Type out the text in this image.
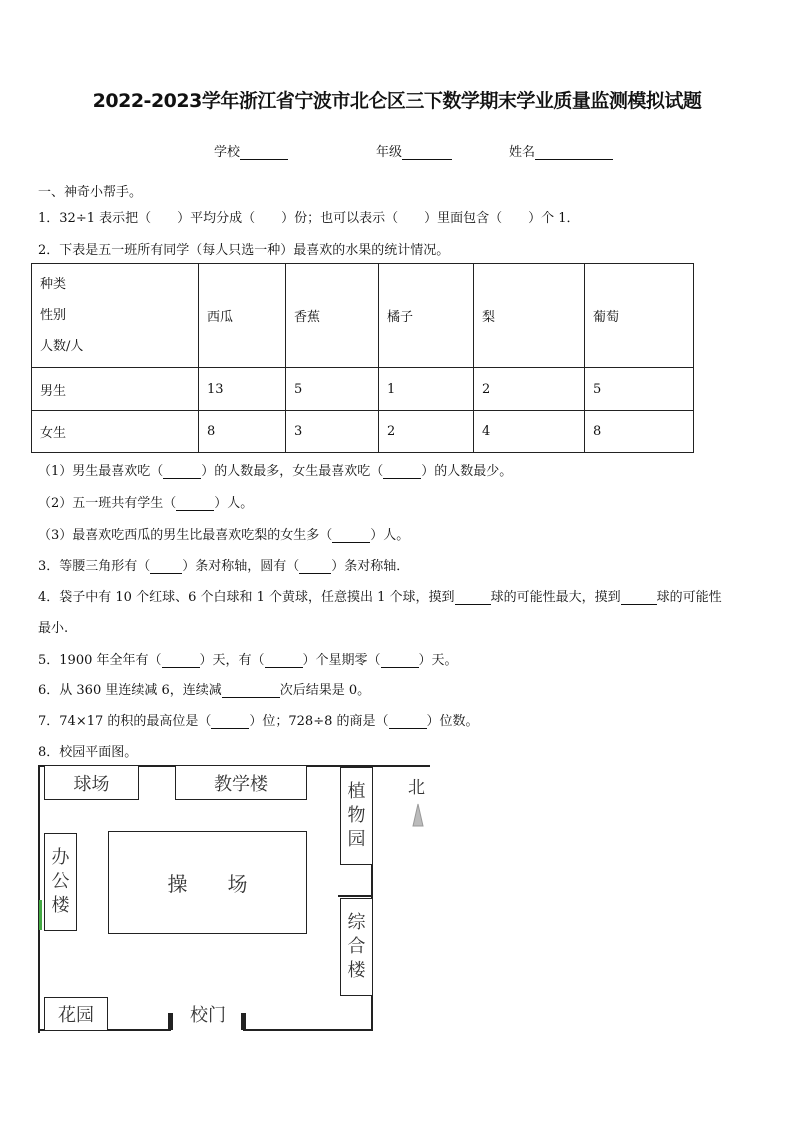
2022-2023学年浙江省宁波市北仑区三下数学期末学业质量监测模拟试题
学校	年级	姓名
一、神奇小帮手。
1．32÷1 表示把（　　）平均分成（　　）份；也可以表示（　　）里面包含（　　）个 1．
2．下表是五一班所有同学（每人只选一种）最喜欢的水果的统计情况。
种类
性别
人数/人	西瓜	香蕉	橘子	梨	葡萄
男生	13	5	1	2	5
女生	8	3	2	4	8
（1）男生最喜欢吃（	）的人数最多，女生最喜欢吃（	）的人数最少。
（2）五一班共有学生（	）人。
（3）最喜欢吃西瓜的男生比最喜欢吃梨的女生多（	）人。
3．等腰三角形有（ ）条对称轴，圆有（ ）条对称轴．
4．袋子中有 10 个红球、6 个白球和 1 个黄球，任意摸出 1 个球，摸到	球的可能性最大，摸到	球的可能性
最小.
5．1900 年全年有（	）天，有（	）个星期零（	）天。
6．从 360 里连续减 6，连续减	次后结果是 0。
7．74×17 的积的最高位是（	）位；728÷8 的商是（	）位数。
8．校园平面图。
球场	教学楼	植
物
园
办
公
楼
操　　场
综
合
楼
花园	校门
北
